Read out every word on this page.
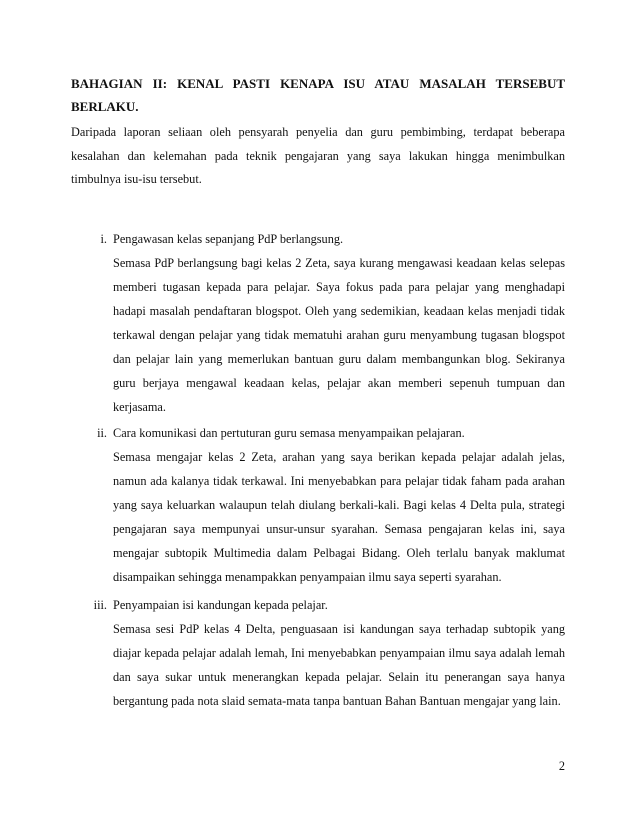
BAHAGIAN II: KENAL PASTI KENAPA ISU ATAU MASALAH TERSEBUT BERLAKU.
Daripada laporan seliaan oleh pensyarah penyelia dan guru pembimbing, terdapat beberapa kesalahan dan kelemahan pada teknik pengajaran yang saya lakukan hingga menimbulkan timbulnya isu-isu tersebut.
i. Pengawasan kelas sepanjang PdP berlangsung.
Semasa PdP berlangsung bagi kelas 2 Zeta, saya kurang mengawasi keadaan kelas selepas memberi tugasan kepada para pelajar. Saya fokus pada para pelajar yang menghadapi hadapi masalah pendaftaran blogspot. Oleh yang sedemikian, keadaan kelas menjadi tidak terkawal dengan pelajar yang tidak mematuhi arahan guru menyambung tugasan blogspot dan pelajar lain yang memerlukan bantuan guru dalam membangunkan blog. Sekiranya guru berjaya mengawal keadaan kelas, pelajar akan memberi sepenuh tumpuan dan kerjasama.
ii. Cara komunikasi dan pertuturan guru semasa menyampaikan pelajaran.
Semasa mengajar kelas 2 Zeta, arahan yang saya berikan kepada pelajar adalah jelas, namun ada kalanya tidak terkawal. Ini menyebabkan para pelajar tidak faham pada arahan yang saya keluarkan walaupun telah diulang berkali-kali. Bagi kelas 4 Delta pula, strategi pengajaran saya mempunyai unsur-unsur syarahan. Semasa pengajaran kelas ini, saya mengajar subtopik Multimedia dalam Pelbagai Bidang. Oleh terlalu banyak maklumat disampaikan sehingga menampakkan penyampaian ilmu saya seperti syarahan.
iii. Penyampaian isi kandungan kepada pelajar.
Semasa sesi PdP kelas 4 Delta, penguasaan isi kandungan saya terhadap subtopik yang diajar kepada pelajar adalah lemah, Ini menyebabkan penyampaian ilmu saya adalah lemah dan saya sukar untuk menerangkan kepada pelajar. Selain itu penerangan saya hanya bergantung pada nota slaid semata-mata tanpa bantuan Bahan Bantuan mengajar yang lain.
2
